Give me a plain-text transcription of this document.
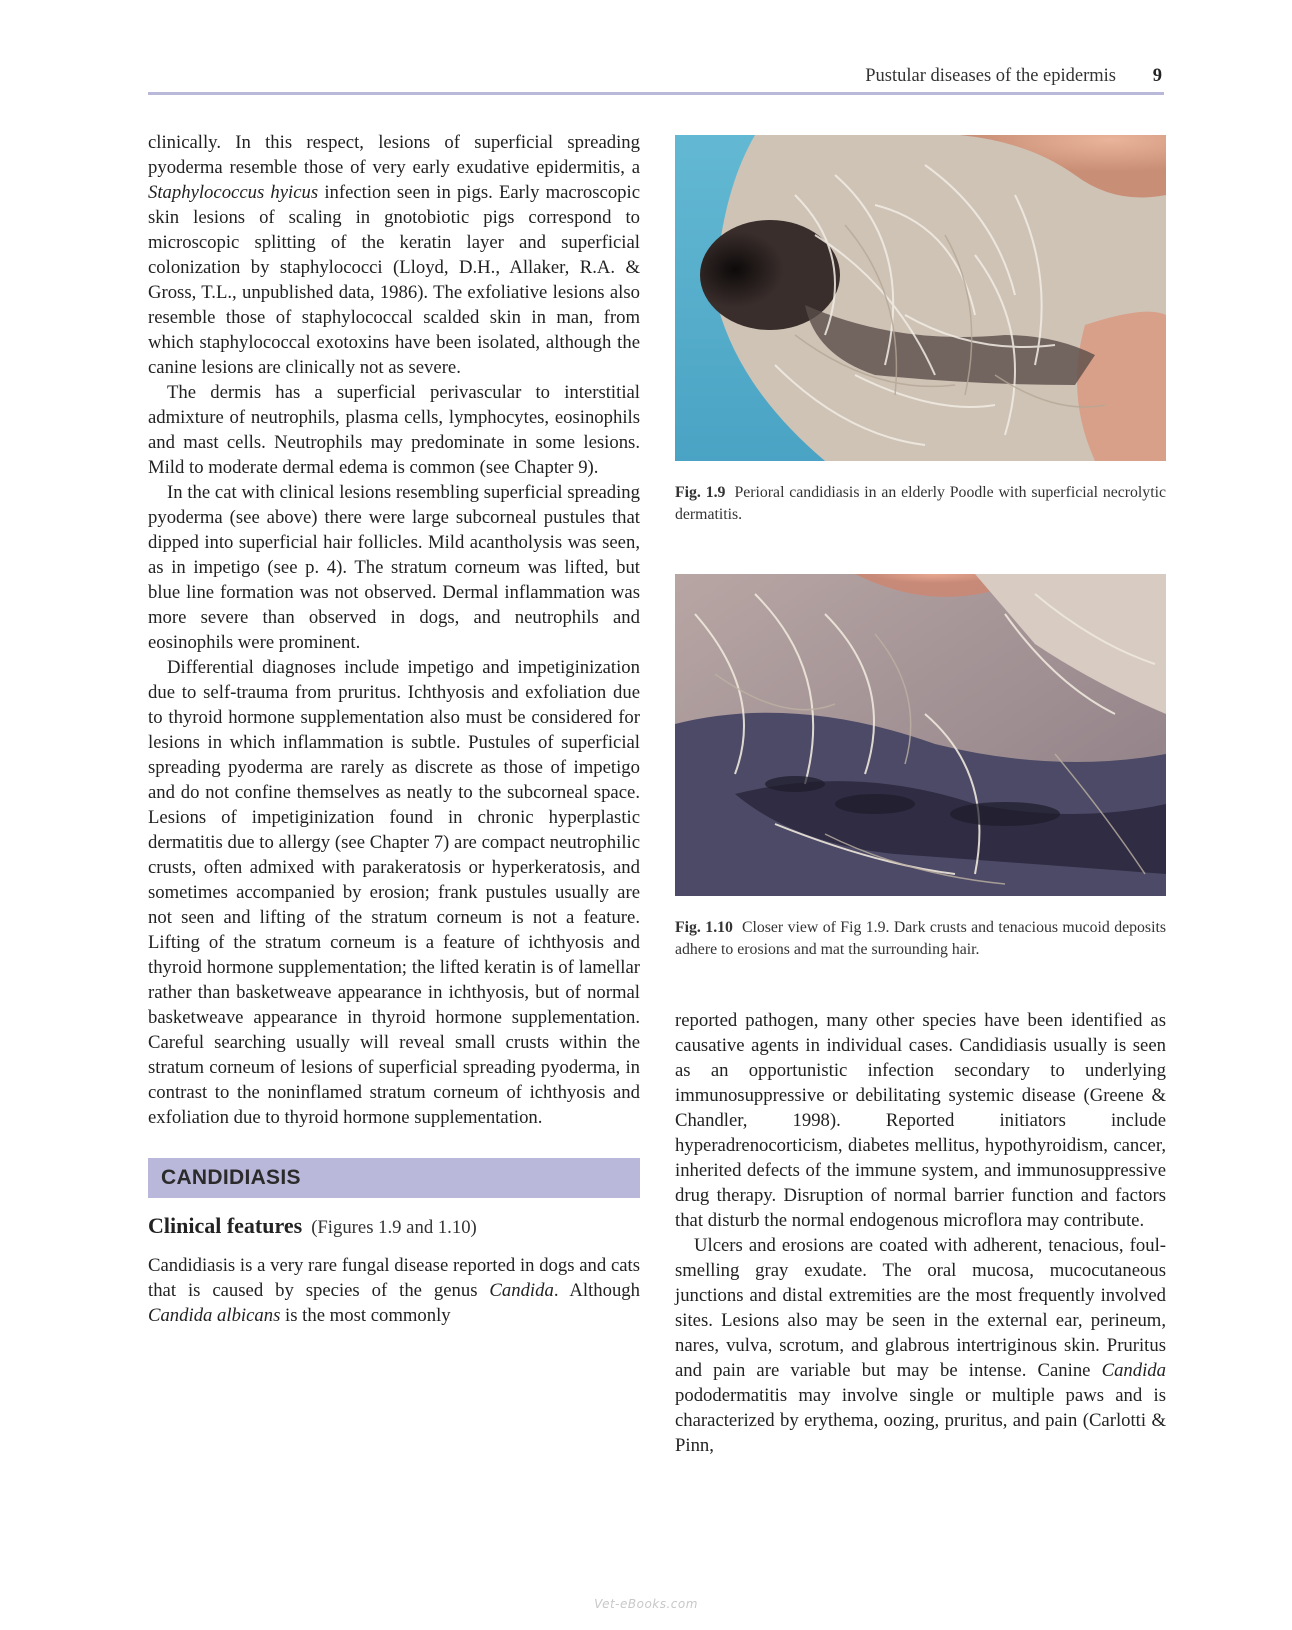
Pustular diseases of the epidermis 9

clinically. In this respect, lesions of superficial spreading pyoderma resemble those of very early exudative epidermitis, a Staphylococcus hyicus infection seen in pigs. Early macroscopic skin lesions of scaling in gnotobiotic pigs correspond to microscopic splitting of the keratin layer and superficial colonization by staphylococci (Lloyd, D.H., Allaker, R.A. & Gross, T.L., unpublished data, 1986). The exfoliative lesions also resemble those of staphylococcal scalded skin in man, from which staphylococcal exotoxins have been isolated, although the canine lesions are clinically not as severe.

The dermis has a superficial perivascular to interstitial admixture of neutrophils, plasma cells, lymphocytes, eosinophils and mast cells. Neutrophils may predominate in some lesions. Mild to moderate dermal edema is common (see Chapter 9).

In the cat with clinical lesions resembling superficial spreading pyoderma (see above) there were large subcorneal pustules that dipped into superficial hair follicles. Mild acantholysis was seen, as in impetigo (see p. 4). The stratum corneum was lifted, but blue line formation was not observed. Dermal inflammation was more severe than observed in dogs, and neutrophils and eosinophils were prominent.

Differential diagnoses include impetigo and impetiginization due to self-trauma from pruritus. Ichthyosis and exfoliation due to thyroid hormone supplementation also must be considered for lesions in which inflammation is subtle. Pustules of superficial spreading pyoderma are rarely as discrete as those of impetigo and do not confine themselves as neatly to the subcorneal space. Lesions of impetiginization found in chronic hyperplastic dermatitis due to allergy (see Chapter 7) are compact neutrophilic crusts, often admixed with parakeratosis or hyperkeratosis, and sometimes accompanied by erosion; frank pustules usually are not seen and lifting of the stratum corneum is not a feature. Lifting of the stratum corneum is a feature of ichthyosis and thyroid hormone supplementation; the lifted keratin is of lamellar rather than basketweave appearance in ichthyosis, but of normal basketweave appearance in thyroid hormone supplementation. Careful searching usually will reveal small crusts within the stratum corneum of lesions of superficial spreading pyoderma, in contrast to the noninflamed stratum corneum of ichthyosis and exfoliation due to thyroid hormone supplementation.

CANDIDIASIS
Clinical features (Figures 1.9 and 1.10)

Candidiasis is a very rare fungal disease reported in dogs and cats that is caused by species of the genus Candida. Although Candida albicans is the most commonly

Fig. 1.9 Perioral candidiasis in an elderly Poodle with superficial necrolytic dermatitis.
Fig. 1.10 Closer view of Fig 1.9. Dark crusts and tenacious mucoid deposits adhere to erosions and mat the surrounding hair.

reported pathogen, many other species have been identified as causative agents in individual cases. Candidiasis usually is seen as an opportunistic infection secondary to underlying immunosuppressive or debilitating systemic disease (Greene & Chandler, 1998). Reported initiators include hyperadrenocorticism, diabetes mellitus, hypothyroidism, cancer, inherited defects of the immune system, and immunosuppressive drug therapy. Disruption of normal barrier function and factors that disturb the normal endogenous microflora may contribute.

Ulcers and erosions are coated with adherent, tenacious, foul-smelling gray exudate. The oral mucosa, mucocutaneous junctions and distal extremities are the most frequently involved sites. Lesions also may be seen in the external ear, perineum, nares, vulva, scrotum, and glabrous intertriginous skin. Pruritus and pain are variable but may be intense. Canine Candida pododermatitis may involve single or multiple paws and is characterized by erythema, oozing, pruritus, and pain (Carlotti & Pinn,

Vet-eBooks.com
